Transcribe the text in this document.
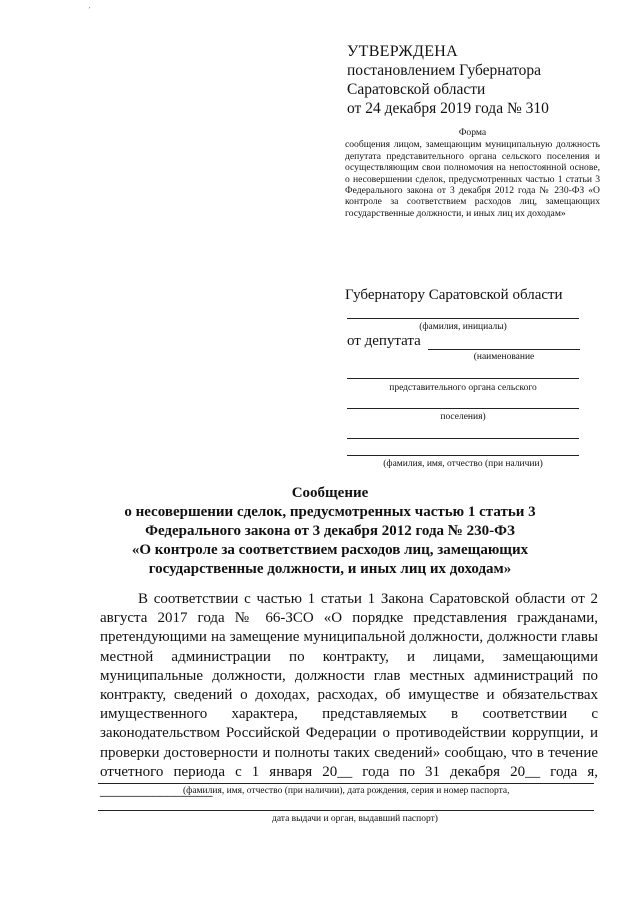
ˊ
УТВЕРЖДЕНА
постановлением Губернатора
Саратовской области
от 24 декабря 2019 года № 310
Форма
сообщения лицом, замещающим муниципальную должность депутата представительного органа сельского поселения и осуществляющим свои полномочия на непостоянной основе, о несовершении сделок, предусмотренных частью 1 статьи 3 Федерального закона от 3 декабря 2012 года № 230-ФЗ «О контроле за соответствием расходов лиц, замещающих государственные должности, и иных лиц их доходам»
Губернатору Саратовской области
(фамилия, инициалы)
от депутата
(наименование
представительного органа сельского
поселения)
(фамилия, имя, отчество (при наличии)
Сообщение
о несовершении сделок, предусмотренных частью 1 статьи 3
Федерального закона от 3 декабря 2012 года № 230-ФЗ
«О контроле за соответствием расходов лиц, замещающих
государственные должности, и иных лиц их доходам»

В соответствии с частью 1 статьи 1 Закона Саратовской области от 2 августа 2017 года № 66-ЗСО «О порядке представления гражданами, претендующими на замещение муниципальной должности, должности главы местной администрации по контракту, и лицами, замещающими муниципальные должности, должности глав местных администраций по контракту, сведений о доходах, расходах, об имуществе и обязательствах имущественного характера, представляемых в соответствии с законодательством Российской Федерации о противодействии коррупции, и проверки достоверности и полноты таких сведений» сообщаю, что в течение отчетного периода с 1 января 20__ года по 31 декабря 20__ года я, _______________

(фамилия, имя, отчество (при наличии), дата рождения, серия и номер паспорта,
дата выдачи и орган, выдавший паспорт)
